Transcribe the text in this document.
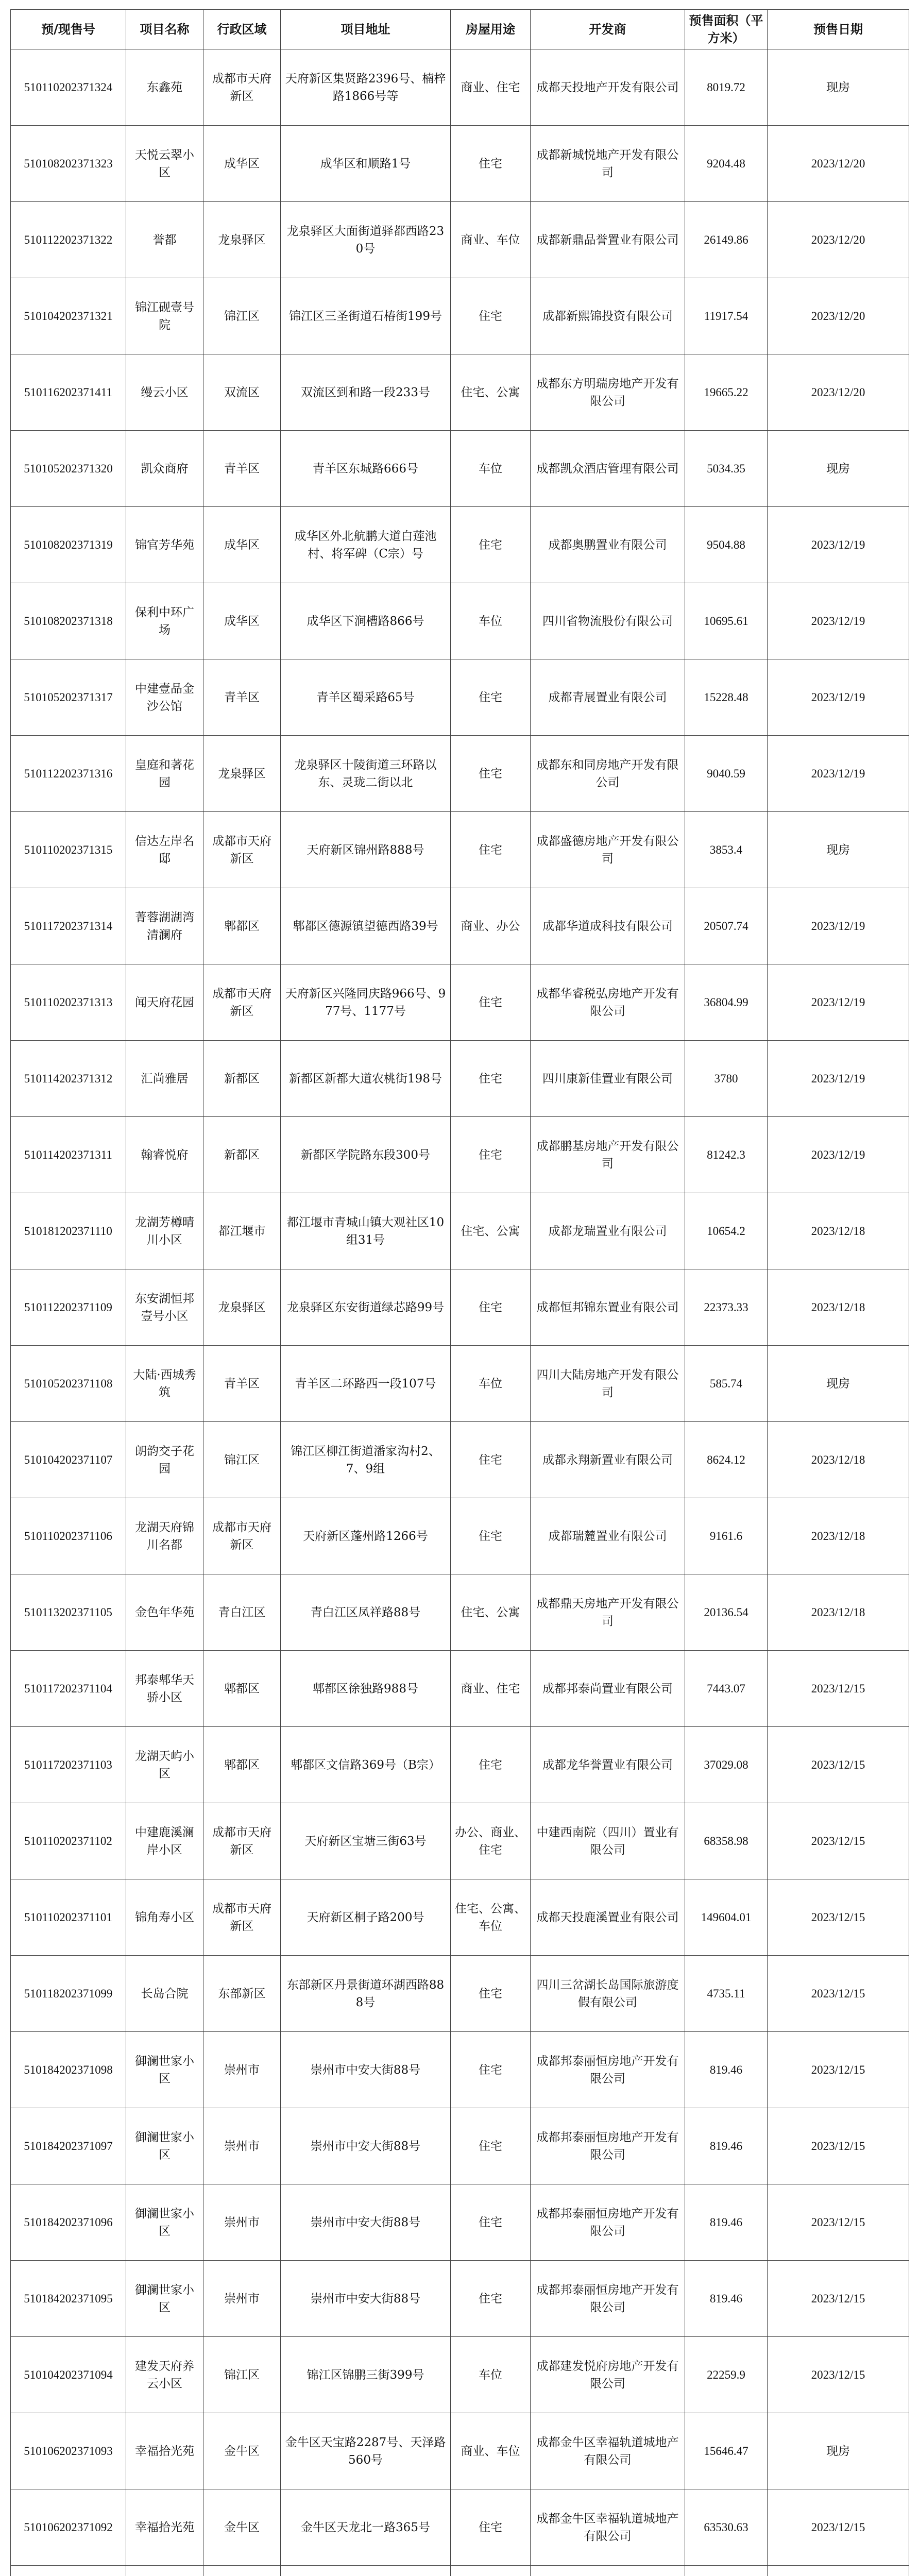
预/现售号	项目名称	行政区域	项目地址	房屋用途	开发商	预售面积（平方米）	预售日期
510110202371324	东鑫苑	成都市天府新区	天府新区集贤路2396号、楠梓路1866号等	商业、住宅	成都天投地产开发有限公司	8019.72	现房
510108202371323	天悦云翠小区	成华区	成华区和顺路1号	住宅	成都新城悦地产开发有限公司	9204.48	2023/12/20
510112202371322	誉都	龙泉驿区	龙泉驿区大面街道驿都西路230号	商业、车位	成都新鼎品誉置业有限公司	26149.86	2023/12/20
510104202371321	锦江砚壹号院	锦江区	锦江区三圣街道石椿街199号	住宅	成都新熙锦投资有限公司	11917.54	2023/12/20
510116202371411	缦云小区	双流区	双流区到和路一段233号	住宅、公寓	成都东方明瑞房地产开发有限公司	19665.22	2023/12/20
510105202371320	凯众商府	青羊区	青羊区东城路666号	车位	成都凯众酒店管理有限公司	5034.35	现房
510108202371319	锦官芳华苑	成华区	成华区外北航鹏大道白莲池村、将军碑（C宗）号	住宅	成都奥鹏置业有限公司	9504.88	2023/12/19
510108202371318	保利中环广场	成华区	成华区下涧槽路866号	车位	四川省物流股份有限公司	10695.61	2023/12/19
510105202371317	中建壹品金沙公馆	青羊区	青羊区蜀采路65号	住宅	成都青展置业有限公司	15228.48	2023/12/19
510112202371316	皇庭和著花园	龙泉驿区	龙泉驿区十陵街道三环路以东、灵珑二街以北	住宅	成都东和同房地产开发有限公司	9040.59	2023/12/19
510110202371315	信达左岸名邸	成都市天府新区	天府新区锦州路888号	住宅	成都盛德房地产开发有限公司	3853.4	现房
510117202371314	菁蓉湖湖湾清澜府	郫都区	郫都区德源镇望德西路39号	商业、办公	成都华道成科技有限公司	20507.74	2023/12/19
510110202371313	闻天府花园	成都市天府新区	天府新区兴隆同庆路966号、977号、1177号	住宅	成都华睿税弘房地产开发有限公司	36804.99	2023/12/19
510114202371312	汇尚雅居	新都区	新都区新都大道农桃街198号	住宅	四川康新佳置业有限公司	3780	2023/12/19
510114202371311	翰睿悦府	新都区	新都区学院路东段300号	住宅	成都鹏基房地产开发有限公司	81242.3	2023/12/19
510181202371110	龙湖芳樽晴川小区	都江堰市	都江堰市青城山镇大观社区10组31号	住宅、公寓	成都龙瑞置业有限公司	10654.2	2023/12/18
510112202371109	东安湖恒邦壹号小区	龙泉驿区	龙泉驿区东安街道绿芯路99号	住宅	成都恒邦锦东置业有限公司	22373.33	2023/12/18
510105202371108	大陆·西城秀筑	青羊区	青羊区二环路西一段107号	车位	四川大陆房地产开发有限公司	585.74	现房
510104202371107	朗韵交子花园	锦江区	锦江区柳江街道潘家沟村2、7、9组	住宅	成都永翔新置业有限公司	8624.12	2023/12/18
510110202371106	龙湖天府锦川名都	成都市天府新区	天府新区蓬州路1266号	住宅	成都瑞麓置业有限公司	9161.6	2023/12/18
510113202371105	金色年华苑	青白江区	青白江区凤祥路88号	住宅、公寓	成都鼎天房地产开发有限公司	20136.54	2023/12/18
510117202371104	邦泰郫华天骄小区	郫都区	郫都区徐独路988号	商业、住宅	成都邦泰尚置业有限公司	7443.07	2023/12/15
510117202371103	龙湖天屿小区	郫都区	郫都区文信路369号（B宗）	住宅	成都龙华誉置业有限公司	37029.08	2023/12/15
510110202371102	中建鹿溪澜岸小区	成都市天府新区	天府新区宝塘三街63号	办公、商业、住宅	中建西南院（四川）置业有限公司	68358.98	2023/12/15
510110202371101	锦角寿小区	成都市天府新区	天府新区桐子路200号	住宅、公寓、车位	成都天投鹿溪置业有限公司	149604.01	2023/12/15
510118202371099	长岛合院	东部新区	东部新区丹景街道环湖西路888号	住宅	四川三岔湖长岛国际旅游度假有限公司	4735.11	2023/12/15
510184202371098	御澜世家小区	崇州市	崇州市中安大街88号	住宅	成都邦泰丽恒房地产开发有限公司	819.46	2023/12/15
510184202371097	御澜世家小区	崇州市	崇州市中安大街88号	住宅	成都邦泰丽恒房地产开发有限公司	819.46	2023/12/15
510184202371096	御澜世家小区	崇州市	崇州市中安大街88号	住宅	成都邦泰丽恒房地产开发有限公司	819.46	2023/12/15
510184202371095	御澜世家小区	崇州市	崇州市中安大街88号	住宅	成都邦泰丽恒房地产开发有限公司	819.46	2023/12/15
510104202371094	建发天府养云小区	锦江区	锦江区锦鹏三街399号	车位	成都建发悦府房地产开发有限公司	22259.9	2023/12/15
510106202371093	幸福拾光苑	金牛区	金牛区天宝路2287号、天泽路560号	商业、车位	成都金牛区幸福轨道城地产有限公司	15646.47	现房
510106202371092	幸福拾光苑	金牛区	金牛区天龙北一路365号	住宅	成都金牛区幸福轨道城地产有限公司	63530.63	2023/12/15
